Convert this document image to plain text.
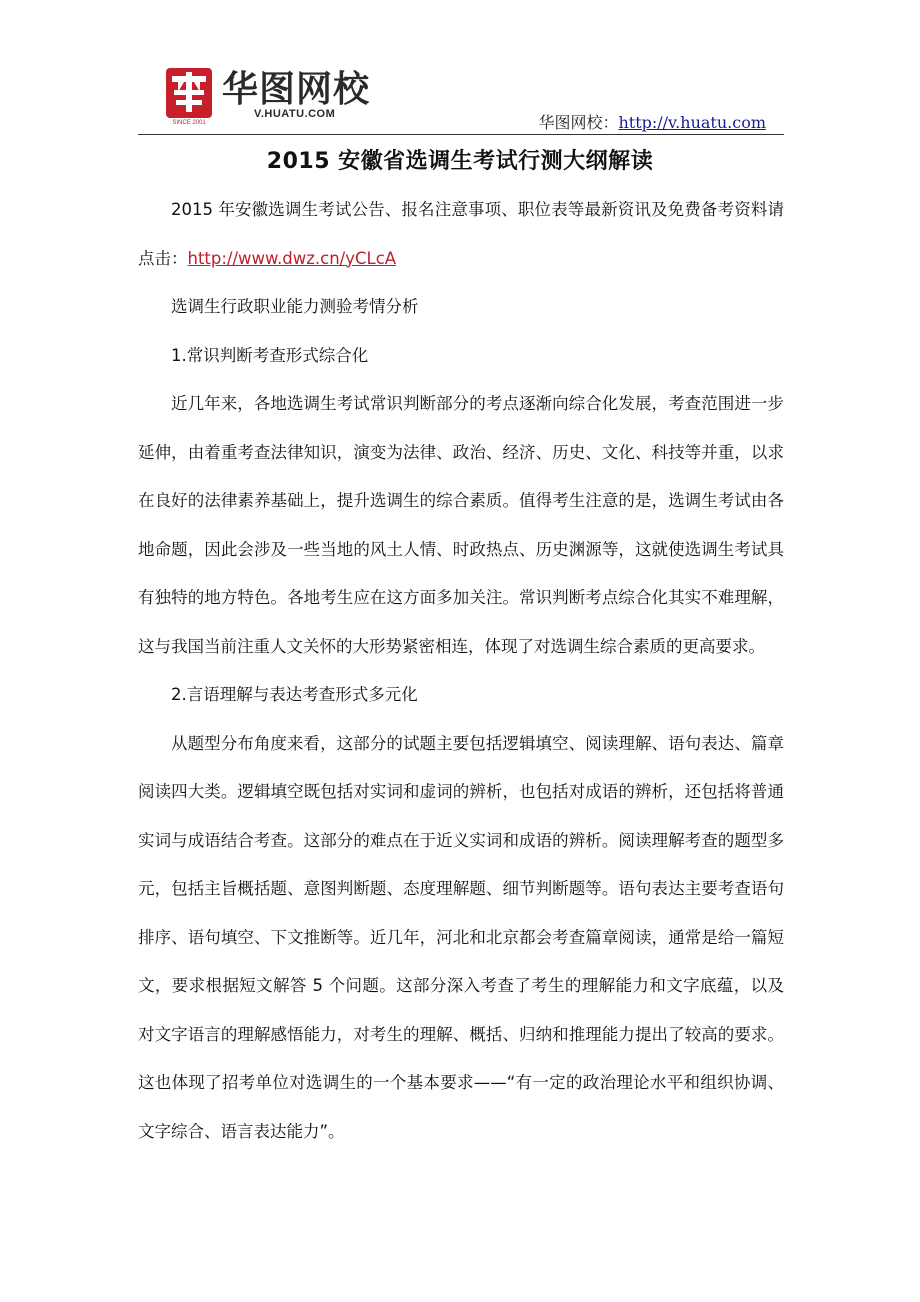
SINCE 2001
华图网校
V.HUATU.COM	华图网校：http://v.huatu.com
2015 安徽省选调生考试行测大纲解读

2015 年安徽选调生考试公告、报名注意事项、职位表等最新资讯及免费备考资料请点击：http://www.dwz.cn/yCLcA

选调生行政职业能力测验考情分析

1.常识判断考查形式综合化

近几年来，各地选调生考试常识判断部分的考点逐渐向综合化发展，考查范围进一步延伸，由着重考查法律知识，演变为法律、政治、经济、历史、文化、科技等并重，以求在良好的法律素养基础上，提升选调生的综合素质。值得考生注意的是，选调生考试由各地命题，因此会涉及一些当地的风土人情、时政热点、历史渊源等，这就使选调生考试具有独特的地方特色。各地考生应在这方面多加关注。常识判断考点综合化其实不难理解，这与我国当前注重人文关怀的大形势紧密相连，体现了对选调生综合素质的更高要求。

2.言语理解与表达考查形式多元化

从题型分布角度来看，这部分的试题主要包括逻辑填空、阅读理解、语句表达、篇章阅读四大类。逻辑填空既包括对实词和虚词的辨析，也包括对成语的辨析，还包括将普通实词与成语结合考查。这部分的难点在于近义实词和成语的辨析。阅读理解考查的题型多元，包括主旨概括题、意图判断题、态度理解题、细节判断题等。语句表达主要考查语句排序、语句填空、下文推断等。近几年，河北和北京都会考查篇章阅读，通常是给一篇短文，要求根据短文解答 5 个问题。这部分深入考查了考生的理解能力和文字底蕴，以及对文字语言的理解感悟能力，对考生的理解、概括、归纳和推理能力提出了较高的要求。这也体现了招考单位对选调生的一个基本要求——“有一定的政治理论水平和组织协调、文字综合、语言表达能力”。
